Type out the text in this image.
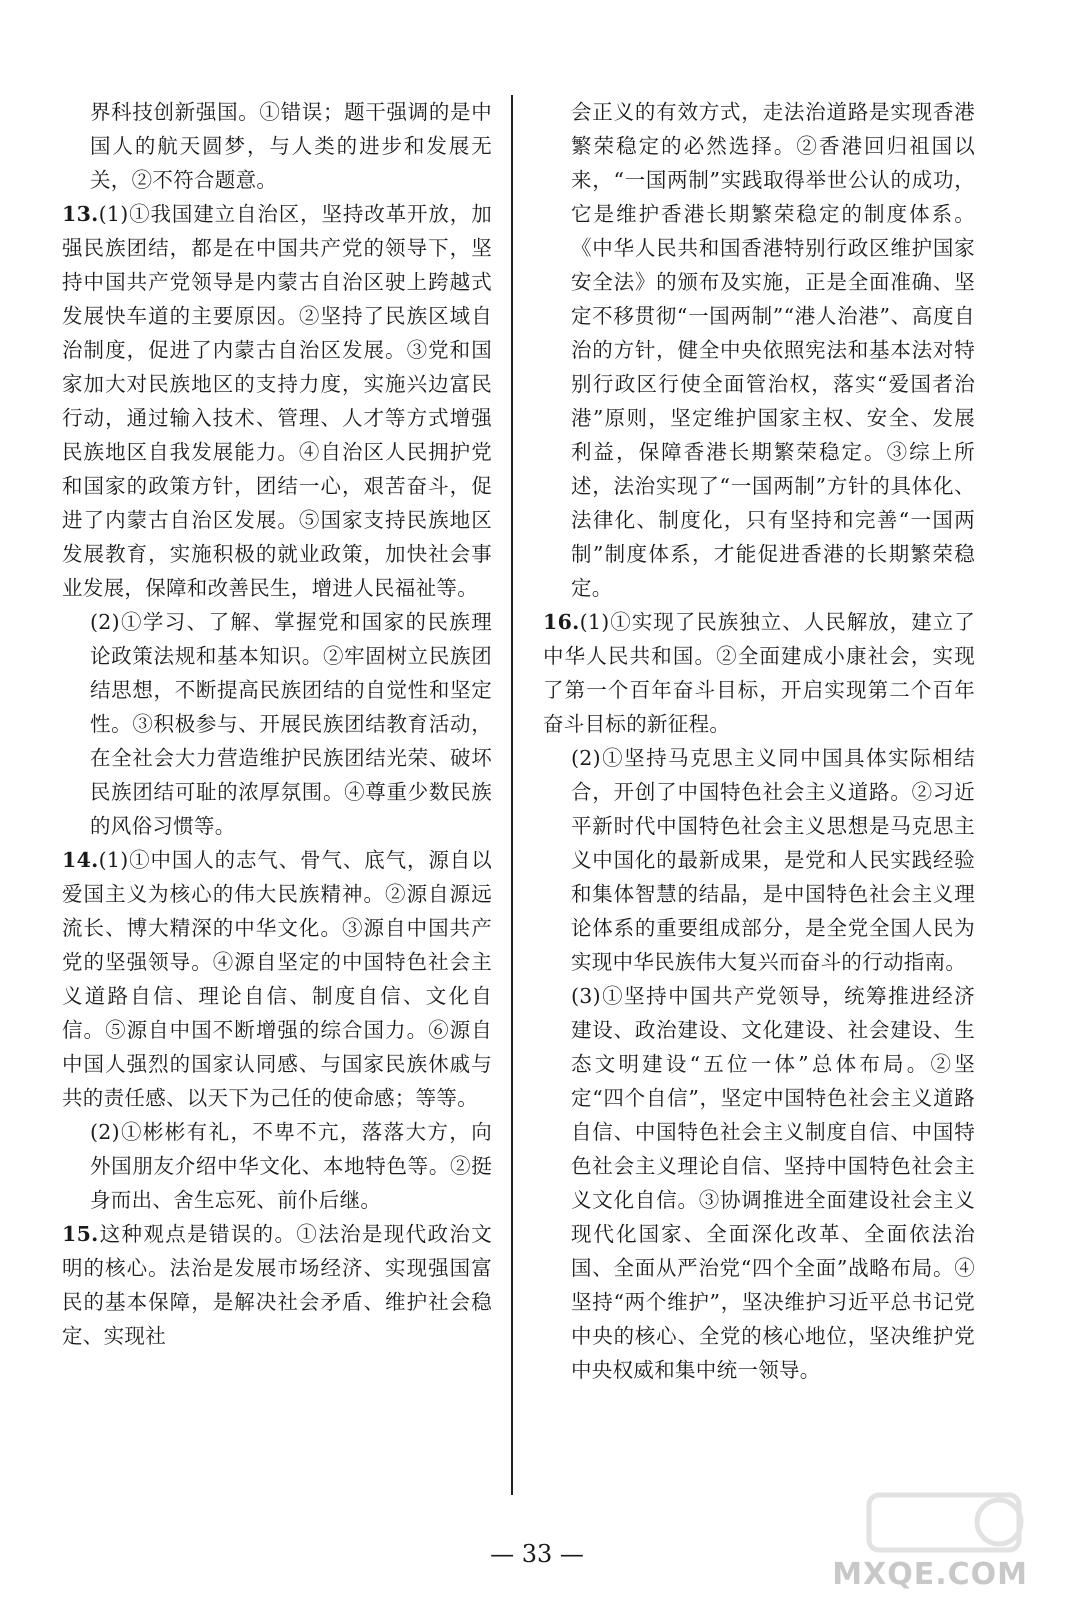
界科技创新强国。①错误；题干强调的是中国人的航天圆梦，与人类的进步和发展无关，②不符合题意。

13.(1)①我国建立自治区，坚持改革开放，加强民族团结，都是在中国共产党的领导下，坚持中国共产党领导是内蒙古自治区驶上跨越式发展快车道的主要原因。②坚持了民族区域自治制度，促进了内蒙古自治区发展。③党和国家加大对民族地区的支持力度，实施兴边富民行动，通过输入技术、管理、人才等方式增强民族地区自我发展能力。④自治区人民拥护党和国家的政策方针，团结一心，艰苦奋斗，促进了内蒙古自治区发展。⑤国家支持民族地区发展教育，实施积极的就业政策，加快社会事业发展，保障和改善民生，增进人民福祉等。

(2)①学习、了解、掌握党和国家的民族理论政策法规和基本知识。②牢固树立民族团结思想，不断提高民族团结的自觉性和坚定性。③积极参与、开展民族团结教育活动，在全社会大力营造维护民族团结光荣、破坏民族团结可耻的浓厚氛围。④尊重少数民族的风俗习惯等。

14.(1)①中国人的志气、骨气、底气，源自以爱国主义为核心的伟大民族精神。②源自源远流长、博大精深的中华文化。③源自中国共产党的坚强领导。④源自坚定的中国特色社会主义道路自信、理论自信、制度自信、文化自信。⑤源自中国不断增强的综合国力。⑥源自中国人强烈的国家认同感、与国家民族休戚与共的责任感、以天下为己任的使命感；等等。

(2)①彬彬有礼，不卑不亢，落落大方，向外国朋友介绍中华文化、本地特色等。②挺身而出、舍生忘死、前仆后继。

15.这种观点是错误的。①法治是现代政治文明的核心。法治是发展市场经济、实现强国富民的基本保障，是解决社会矛盾、维护社会稳定、实现社

会正义的有效方式，走法治道路是实现香港繁荣稳定的必然选择。②香港回归祖国以来，“一国两制”实践取得举世公认的成功，它是维护香港长期繁荣稳定的制度体系。《中华人民共和国香港特别行政区维护国家安全法》的颁布及实施，正是全面准确、坚定不移贯彻“一国两制”“港人治港”、高度自治的方针，健全中央依照宪法和基本法对特别行政区行使全面管治权，落实“爱国者治港”原则，坚定维护国家主权、安全、发展利益，保障香港长期繁荣稳定。③综上所述，法治实现了“一国两制”方针的具体化、法律化、制度化，只有坚持和完善“一国两制”制度体系，才能促进香港的长期繁荣稳定。

16.(1)①实现了民族独立、人民解放，建立了中华人民共和国。②全面建成小康社会，实现了第一个百年奋斗目标，开启实现第二个百年奋斗目标的新征程。

(2)①坚持马克思主义同中国具体实际相结合，开创了中国特色社会主义道路。②习近平新时代中国特色社会主义思想是马克思主义中国化的最新成果，是党和人民实践经验和集体智慧的结晶，是中国特色社会主义理论体系的重要组成部分，是全党全国人民为实现中华民族伟大复兴而奋斗的行动指南。

(3)①坚持中国共产党领导，统筹推进经济建设、政治建设、文化建设、社会建设、生态文明建设“五位一体”总体布局。②坚定“四个自信”，坚定中国特色社会主义道路自信、中国特色社会主义制度自信、中国特色社会主义理论自信、坚持中国特色社会主义文化自信。③协调推进全面建设社会主义现代化国家、全面深化改革、全面依法治国、全面从严治党“四个全面”战略布局。④坚持“两个维护”，坚决维护习近平总书记党中央的核心、全党的核心地位，坚决维护党中央权威和集中统一领导。

— 33 —
MXQE.COM
